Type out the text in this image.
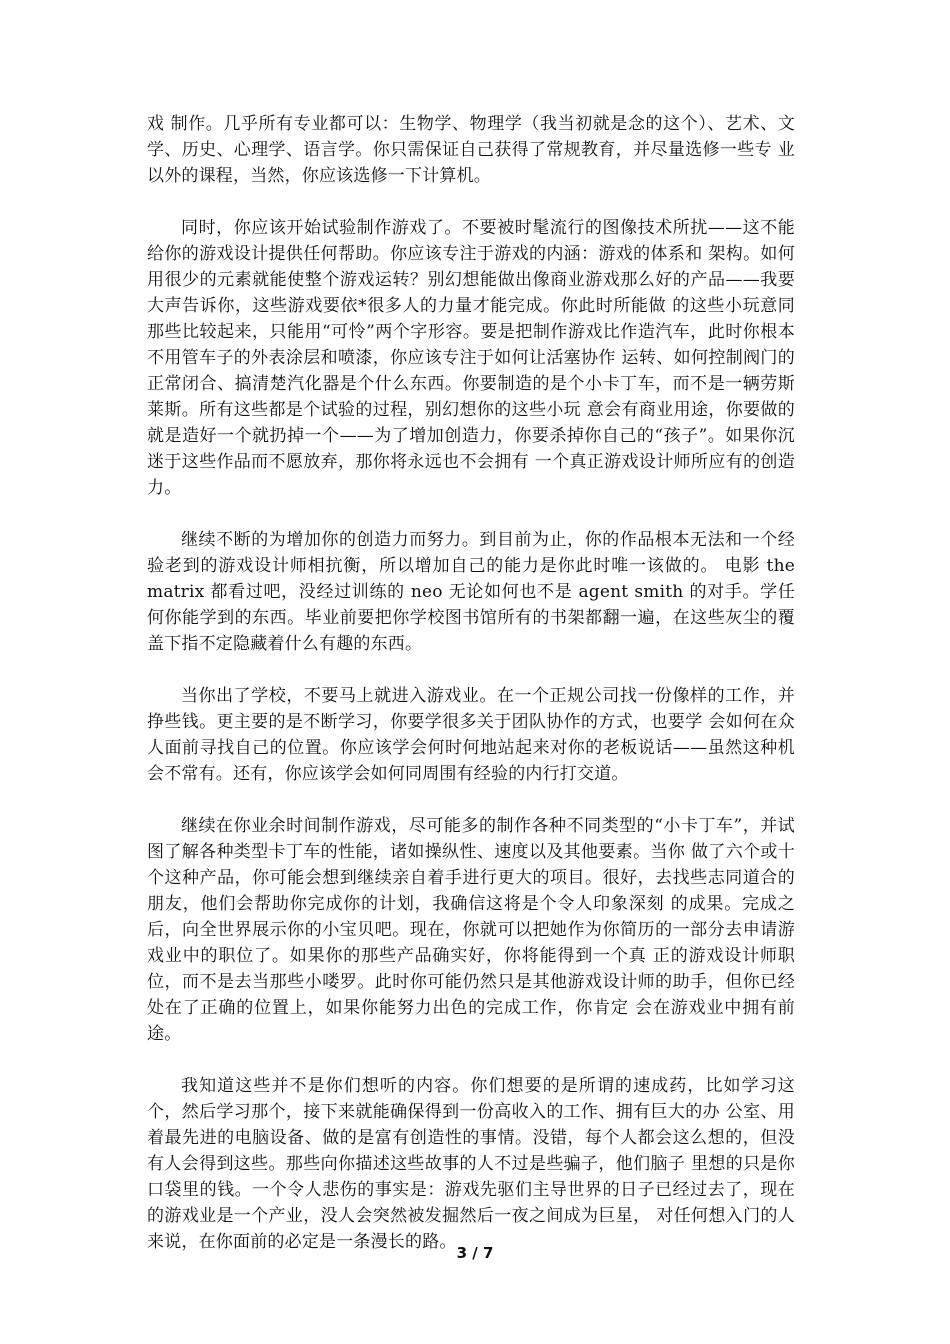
戏 制作。几乎所有专业都可以：生物学、物理学（我当初就是念的这个）、艺术、文学、历史、心理学、语言学。你只需保证自己获得了常规教育，并尽量选修一些专 业以外的课程，当然，你应该选修一下计算机。

同时，你应该开始试验制作游戏了。不要被时髦流行的图像技术所扰——这不能给你的游戏设计提供任何帮助。你应该专注于游戏的内涵：游戏的体系和 架构。如何用很少的元素就能使整个游戏运转？别幻想能做出像商业游戏那么好的产品——我要大声告诉你，这些游戏要依*很多人的力量才能完成。你此时所能做 的这些小玩意同那些比较起来，只能用“可怜”两个字形容。要是把制作游戏比作造汽车，此时你根本不用管车子的外表涂层和喷漆，你应该专注于如何让活塞协作 运转、如何控制阀门的正常闭合、搞清楚汽化器是个什么东西。你要制造的是个小卡丁车，而不是一辆劳斯莱斯。所有这些都是个试验的过程，别幻想你的这些小玩 意会有商业用途，你要做的就是造好一个就扔掉一个——为了增加创造力，你要杀掉你自己的“孩子”。如果你沉迷于这些作品而不愿放弃，那你将永远也不会拥有 一个真正游戏设计师所应有的创造力。

继续不断的为增加你的创造力而努力。到目前为止，你的作品根本无法和一个经验老到的游戏设计师相抗衡，所以增加自己的能力是你此时唯一该做的。 电影 the matrix 都看过吧，没经过训练的 neo 无论如何也不是 agent smith 的对手。学任何你能学到的东西。毕业前要把你学校图书馆所有的书架都翻一遍，在这些灰尘的覆盖下指不定隐藏着什么有趣的东西。

当你出了学校，不要马上就进入游戏业。在一个正规公司找一份像样的工作，并挣些钱。更主要的是不断学习，你要学很多关于团队协作的方式，也要学 会如何在众人面前寻找自己的位置。你应该学会何时何地站起来对你的老板说话——虽然这种机会不常有。还有，你应该学会如何同周围有经验的内行打交道。

继续在你业余时间制作游戏，尽可能多的制作各种不同类型的“小卡丁车”，并试图了解各种类型卡丁车的性能，诸如操纵性、速度以及其他要素。当你 做了六个或十个这种产品，你可能会想到继续亲自着手进行更大的项目。很好，去找些志同道合的朋友，他们会帮助你完成你的计划，我确信这将是个令人印象深刻 的成果。完成之后，向全世界展示你的小宝贝吧。现在，你就可以把她作为你简历的一部分去申请游戏业中的职位了。如果你的那些产品确实好，你将能得到一个真 正的游戏设计师职位，而不是去当那些小喽罗。此时你可能仍然只是其他游戏设计师的助手，但你已经处在了正确的位置上，如果你能努力出色的完成工作，你肯定 会在游戏业中拥有前途。

我知道这些并不是你们想听的内容。你们想要的是所谓的速成药，比如学习这个，然后学习那个，接下来就能确保得到一份高收入的工作、拥有巨大的办 公室、用着最先进的电脑设备、做的是富有创造性的事情。没错，每个人都会这么想的，但没有人会得到这些。那些向你描述这些故事的人不过是些骗子，他们脑子 里想的只是你口袋里的钱。一个令人悲伤的事实是：游戏先驱们主导世界的日子已经过去了，现在的游戏业是一个产业，没人会突然被发掘然后一夜之间成为巨星， 对任何想入门的人来说，在你面前的必定是一条漫长的路。

3 / 7
